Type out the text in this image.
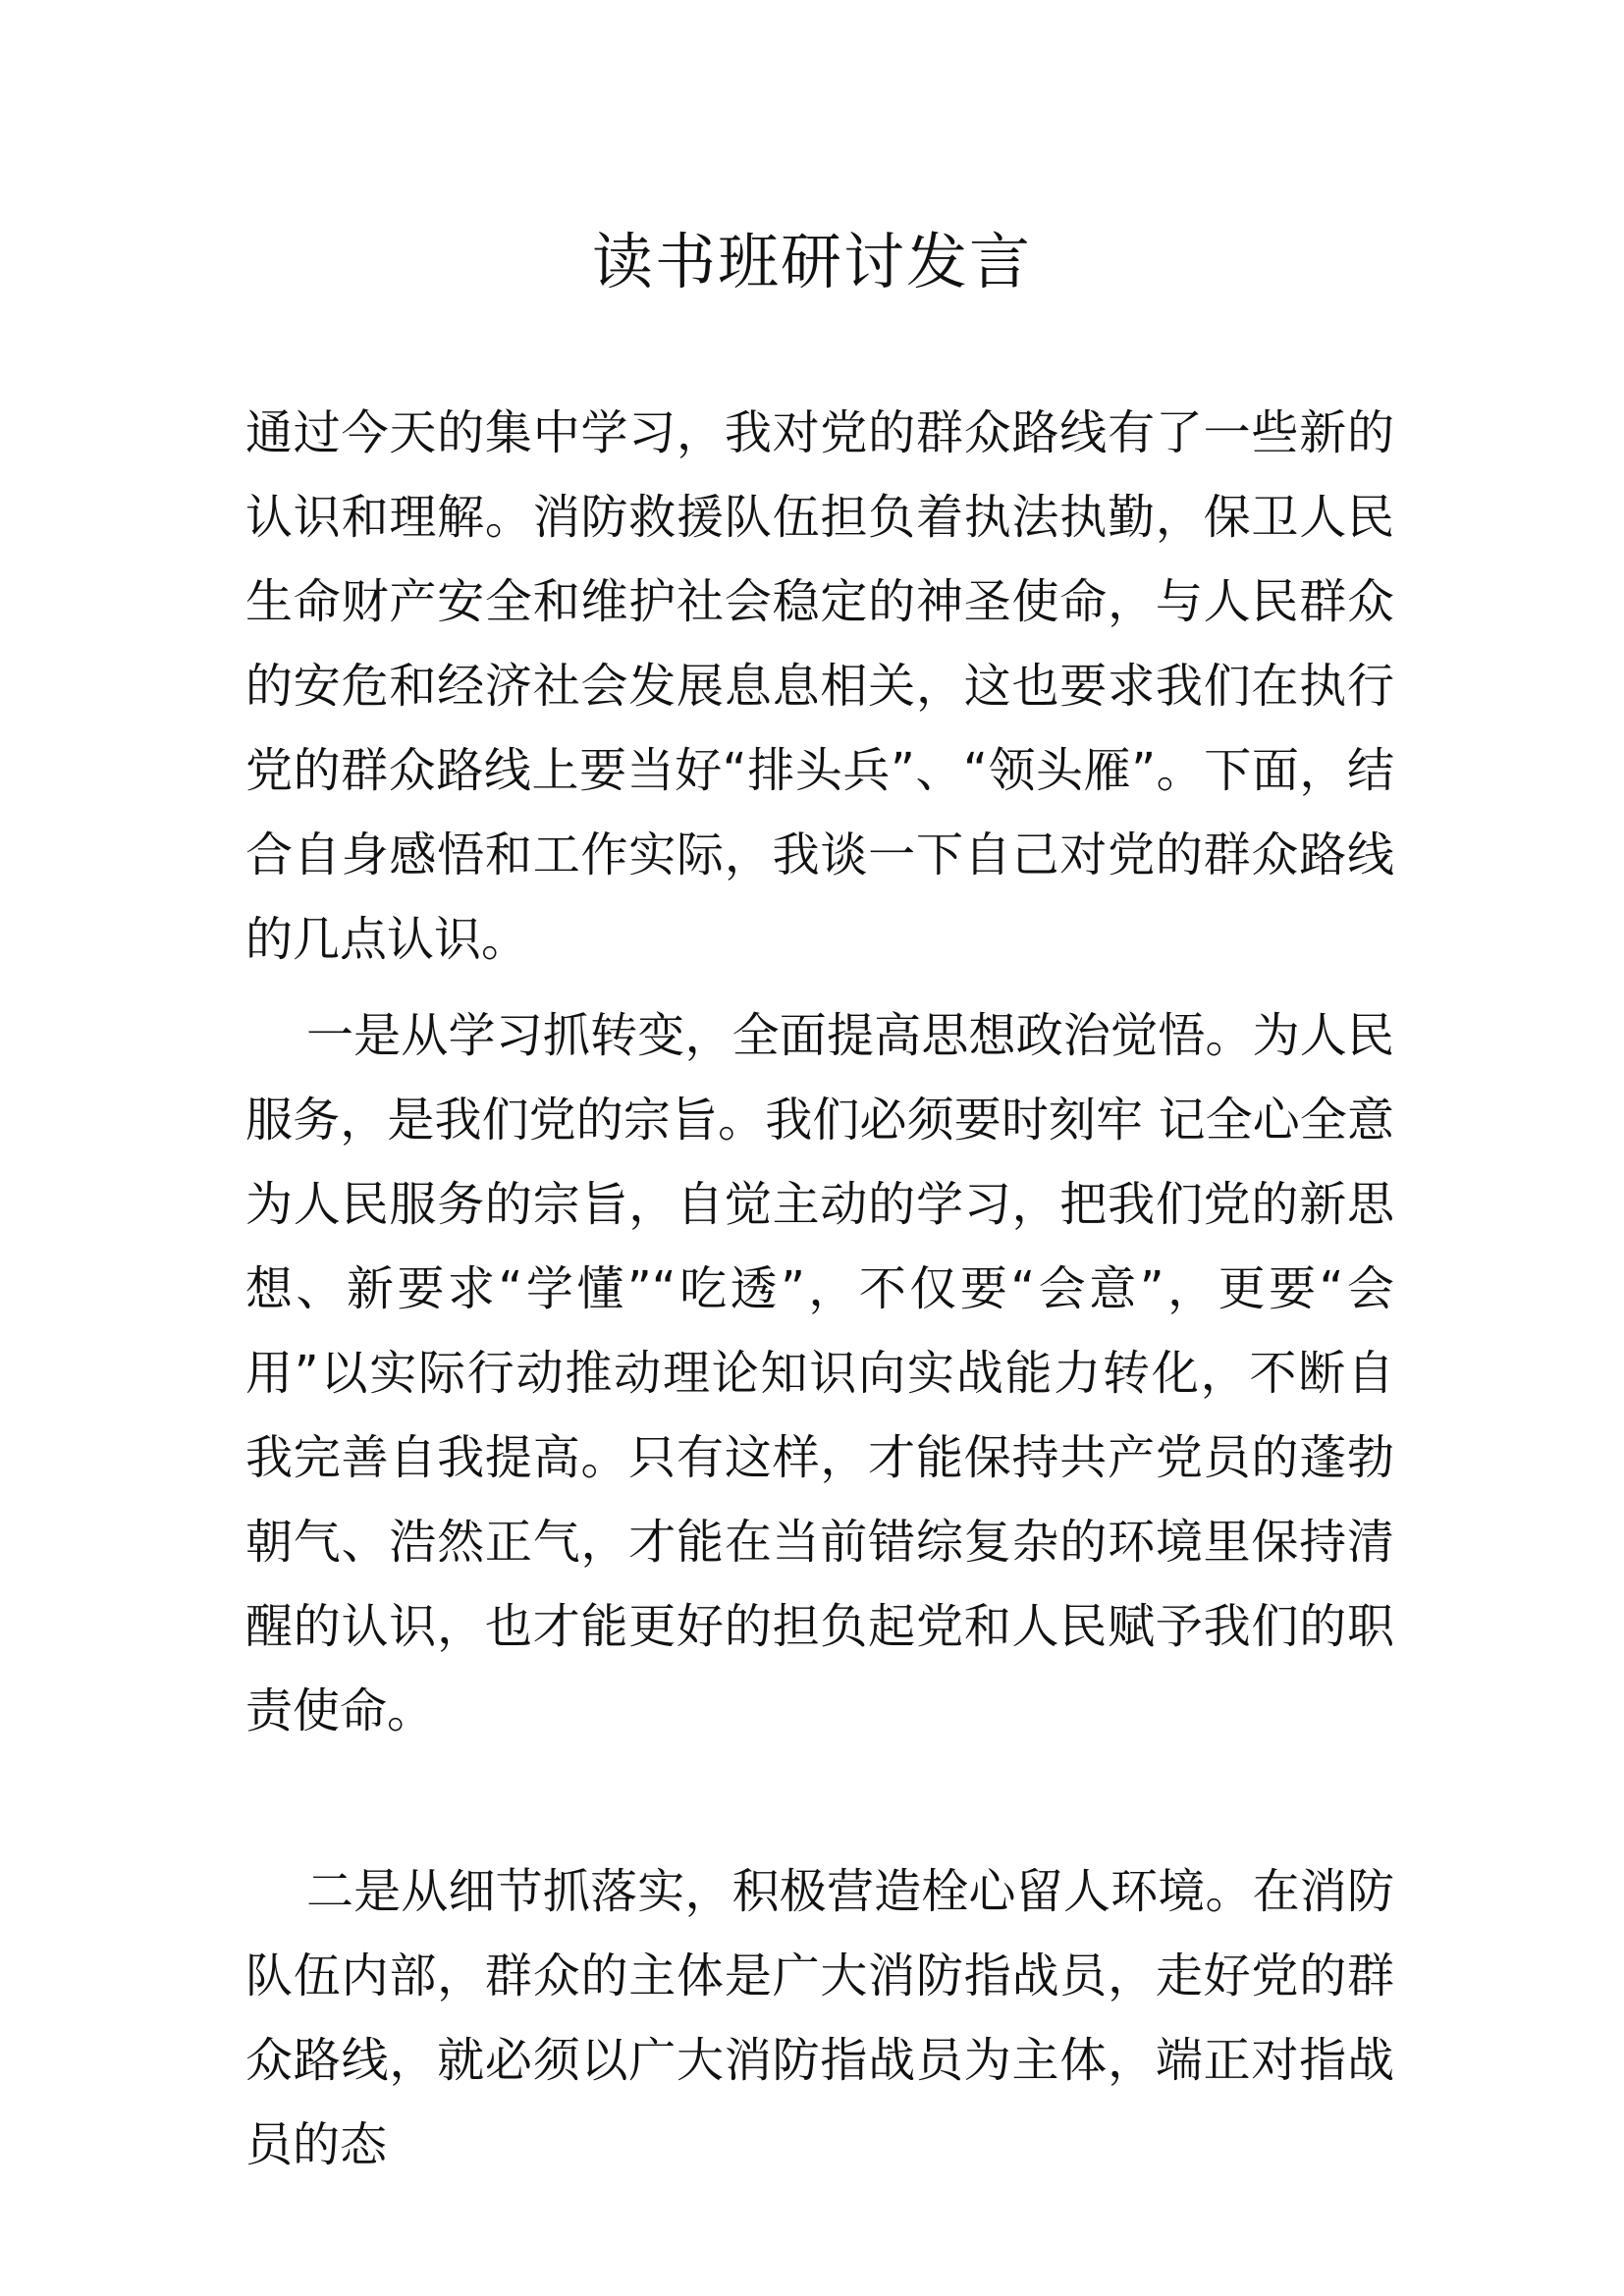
读书班研讨发言

通过今天的集中学习，我对党的群众路线有了一些新的认识和理解。消防救援队伍担负着执法执勤，保卫人民生命财产安全和维护社会稳定的神圣使命，与人民群众的安危和经济社会发展息息相关，这也要求我们在执行党的群众路线上要当好“排头兵”、“领头雁”。下面，结合自身感悟和工作实际，我谈一下自己对党的群众路线的几点认识。

一是从学习抓转变，全面提高思想政治觉悟。为人民服务，是我们党的宗旨。我们必须要时刻牢 记全心全意为人民服务的宗旨，自觉主动的学习，把我们党的新思想、新要求“学懂”“吃透”，不仅要“会意”，更要“会用”以实际行动推动理论知识向实战能力转化，不断自我完善自我提高。只有这样，才能保持共产党员的蓬勃朝气、浩然正气，才能在当前错综复杂的环境里保持清醒的认识，也才能更好的担负起党和人民赋予我们的职责使命。

二是从细节抓落实，积极营造栓心留人环境。在消防队伍内部，群众的主体是广大消防指战员，走好党的群众路线，就必须以广大消防指战员为主体，端正对指战员的态
